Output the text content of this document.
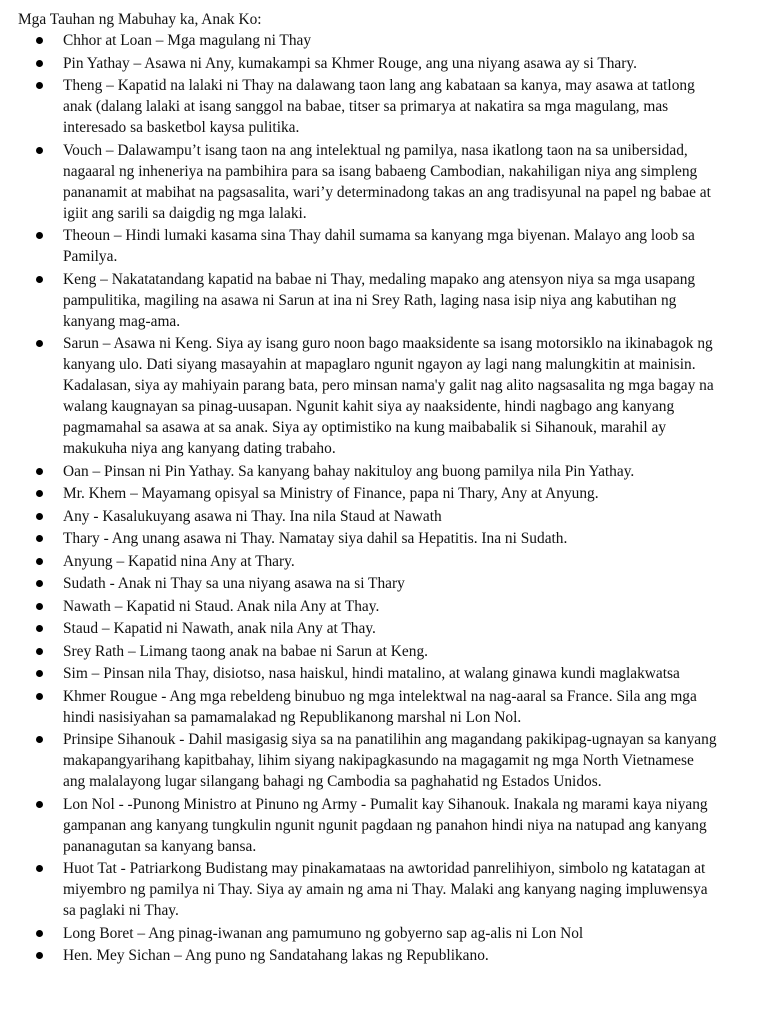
Mga Tauhan ng Mabuhay ka, Anak Ko:
Chhor at Loan – Mga magulang ni Thay
Pin Yathay – Asawa ni Any, kumakampi sa Khmer Rouge, ang una niyang asawa ay si Thary.
Theng – Kapatid na lalaki ni Thay na dalawang taon lang ang kabataan sa kanya, may asawa at tatlong
anak (dalang lalaki at isang sanggol na babae, titser sa primarya at nakatira sa mga magulang, mas
interesado sa basketbol kaysa pulitika.
Vouch – Dalawampu’t isang taon na ang intelektual ng pamilya, nasa ikatlong taon na sa unibersidad,
nagaaral ng inheneriya na pambihira para sa isang babaeng Cambodian, nakahiligan niya ang simpleng
pananamit at mabihat na pagsasalita, wari’y determinadong takas an ang tradisyunal na papel ng babae at
igiit ang sarili sa daigdig ng mga lalaki.
Theoun – Hindi lumaki kasama sina Thay dahil sumama sa kanyang mga biyenan. Malayo ang loob sa
Pamilya.
Keng – Nakatatandang kapatid na babae ni Thay, medaling mapako ang atensyon niya sa mga usapang
pampulitika, magiling na asawa ni Sarun at ina ni Srey Rath, laging nasa isip niya ang kabutihan ng
kanyang mag-ama.
Sarun – Asawa ni Keng. Siya ay isang guro noon bago maaksidente sa isang motorsiklo na ikinabagok ng
kanyang ulo. Dati siyang masayahin at mapaglaro ngunit ngayon ay lagi nang malungkitin at mainisin.
Kadalasan, siya ay mahiyain parang bata, pero minsan nama'y galit nag alito nagsasalita ng mga bagay na
walang kaugnayan sa pinag-uusapan. Ngunit kahit siya ay naaksidente, hindi nagbago ang kanyang
pagmamahal sa asawa at sa anak. Siya ay optimistiko na kung maibabalik si Sihanouk, marahil ay
makukuha niya ang kanyang dating trabaho.
Oan – Pinsan ni Pin Yathay. Sa kanyang bahay nakituloy ang buong pamilya nila Pin Yathay.
Mr. Khem – Mayamang opisyal sa Ministry of Finance, papa ni Thary, Any at Anyung.
Any - Kasalukuyang asawa ni Thay. Ina nila Staud at Nawath
Thary - Ang unang asawa ni Thay. Namatay siya dahil sa Hepatitis. Ina ni Sudath.
Anyung – Kapatid nina Any at Thary.
Sudath - Anak ni Thay sa una niyang asawa na si Thary
Nawath – Kapatid ni Staud. Anak nila Any at Thay.
Staud – Kapatid ni Nawath, anak nila Any at Thay.
Srey Rath – Limang taong anak na babae ni Sarun at Keng.
Sim – Pinsan nila Thay, disiotso, nasa haiskul, hindi matalino, at walang ginawa kundi maglakwatsa
Khmer Rougue - Ang mga rebeldeng binubuo ng mga intelektwal na nag-aaral sa France. Sila ang mga
hindi nasisiyahan sa pamamalakad ng Republikanong marshal ni Lon Nol.
Prinsipe Sihanouk - Dahil masigasig siya sa na panatilihin ang magandang pakikipag-ugnayan sa kanyang
makapangyarihang kapitbahay, lihim siyang nakipagkasundo na magagamit ng mga North Vietnamese
ang malalayong lugar silangang bahagi ng Cambodia sa paghahatid ng Estados Unidos.
Lon Nol - -Punong Ministro at Pinuno ng Army - Pumalit kay Sihanouk. Inakala ng marami kaya niyang
gampanan ang kanyang tungkulin ngunit ngunit pagdaan ng panahon hindi niya na natupad ang kanyang
pananagutan sa kanyang bansa.
Huot Tat - Patriarkong Budistang may pinakamataas na awtoridad panrelihiyon, simbolo ng katatagan at
miyembro ng pamilya ni Thay. Siya ay amain ng ama ni Thay. Malaki ang kanyang naging impluwensya
sa paglaki ni Thay.
Long Boret – Ang pinag-iwanan ang pamumuno ng gobyerno sap ag-alis ni Lon Nol
Hen. Mey Sichan – Ang puno ng Sandatahang lakas ng Republikano.
